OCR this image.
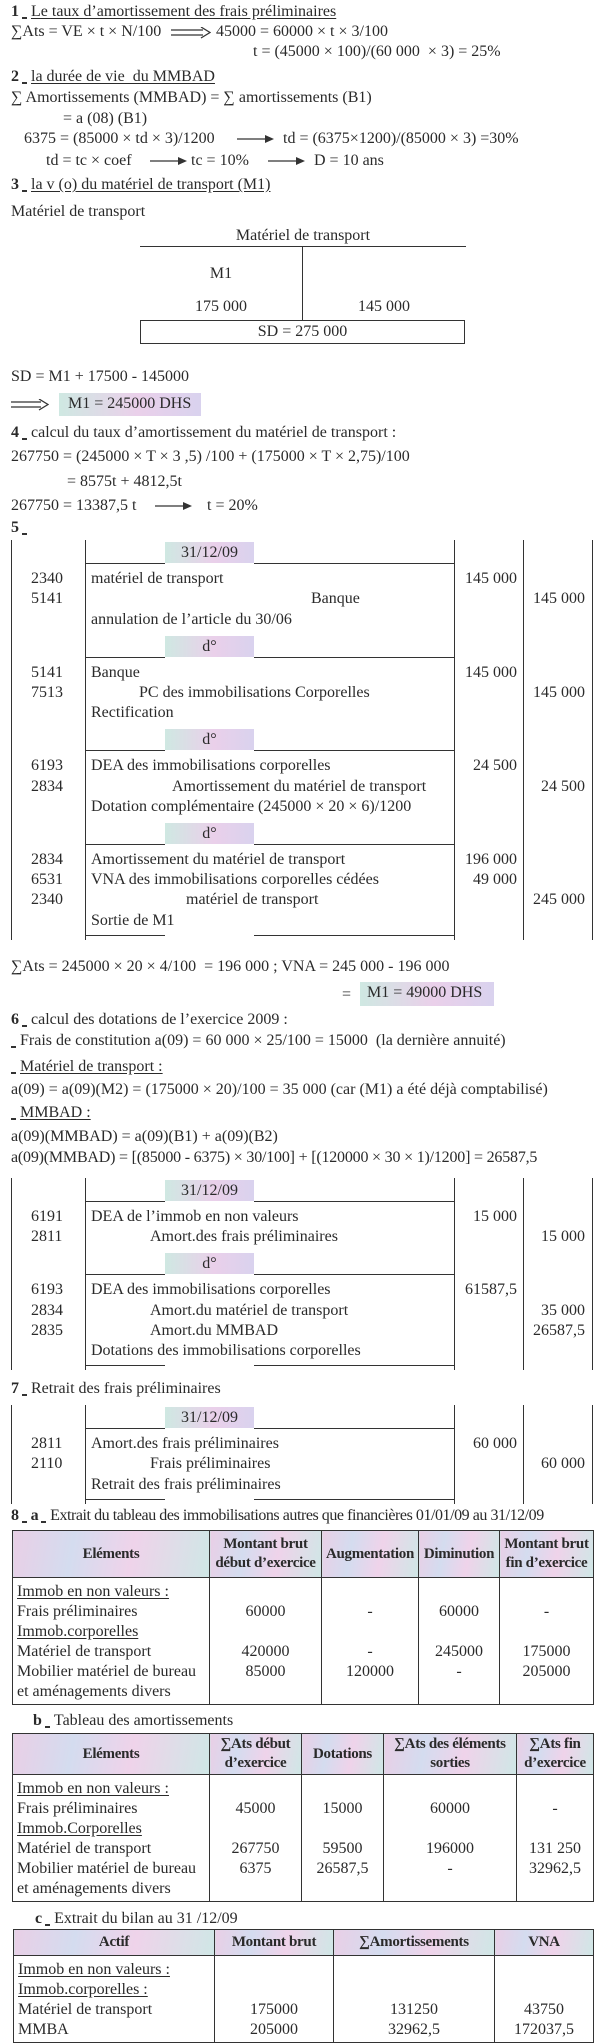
1 Le taux d’amortissement des frais préliminaires
∑Ats = VE × t × N/100	45000 = 60000 × t × 3/100
t = (45000 × 100)/(60 000  × 3) = 25%
2 la durée de vie  du MMBAD
∑ Amortissements (MMBAD) = ∑ amortissements (B1)
= a (08) (B1)
6375 = (85000 × td × 3)/1200	td = (6375×1200)/(85000 × 3) =30%
td = tc × coef	tc = 10%	D = 10 ans
3 la v (o) du matériel de transport (M1)
Matériel de transport
Matériel de transport
M1
175 000	145 000
SD = 275 000
SD = M1 + 17500 - 145000
M1 = 245000 DHS
4 calcul du taux d’amortissement du matériel de transport :
267750 = (245000 × T × 3 ,5) /100 + (175000 × T × 2,75)/100
= 8575t + 4812,5t
267750 = 13387,5 t	t = 20%
5
31/12/09
2340 matériel de transport	145 000
5141	Banque	145 000
annulation de l’article du 30/06
d°
5141 Banque	145 000
7513	PC des immobilisations Corporelles	145 000
Rectification
d°
6193 DEA des immobilisations corporelles	24 500
2834	Amortissement du matériel de transport	24 500
Dotation complémentaire (245000 × 20 × 6)/1200
d°
2834 Amortissement du matériel de transport	196 000
6531 VNA des immobilisations corporelles cédées	49 000
2340	matériel de transport	245 000
Sortie de M1
∑Ats = 245000 × 20 × 4/100  = 196 000 ; VNA = 245 000 - 196 000
= M1 = 49000 DHS
6 calcul des dotations de l’exercice 2009 :
Frais de constitution a(09) = 60 000 × 25/100 = 15000  (la dernière annuité)
Matériel de transport :
a(09) = a(09)(M2) = (175000 × 20)/100 = 35 000 (car (M1) a été déjà comptabilisé)
MMBAD :
a(09)(MMBAD) = a(09)(B1) + a(09)(B2)
a(09)(MMBAD) = [(85000 - 6375) × 30/100] + [(120000 × 30 × 1)/1200] = 26587,5
31/12/09
6191 DEA de l’immob en non valeurs	15 000
2811	Amort.des frais préliminaires	15 000
d°
6193 DEA des immobilisations corporelles	61587,5
2834	Amort.du matériel de transport	35 000
2835	Amort.du MMBAD	26587,5
Dotations des immobilisations corporelles
7 Retrait des frais préliminaires
31/12/09
2811 Amort.des frais préliminaires	60 000
2110	Frais préliminaires	60 000
Retrait des frais préliminaires
8 a Extrait du tableau des immobilisations autres que financières 01/01/09 au 31/12/09
Eléments	Montant brut début d’exercice	Augmentation	Diminution	Montant brut fin d’exercice
Immob en non valeurs :				
Frais préliminaires	60000	-	60000	-
Immob.corporelles				
Matériel de transport	420000	-	245000	175000
Mobilier matériel de bureau	85000	120000	-	205000
et aménagements divers				
b Tableau des amortissements
Eléments	∑Ats début d’exercice	Dotations	∑Ats des éléments sorties	∑Ats fin d’exercice
Immob en non valeurs :				
Frais préliminaires	45000	15000	60000	-
Immob.Corporelles				
Matériel de transport	267750	59500	196000	131 250
Mobilier matériel de bureau	6375	26587,5	-	32962,5
et aménagements divers				
c Extrait du bilan au 31 /12/09
Actif	Montant brut	∑Amortissements	VNA
Immob en non valeurs :			
Immob.corporelles :			
Matériel de transport	175000	131250	43750
MMBA	205000	32962,5	172037,5
